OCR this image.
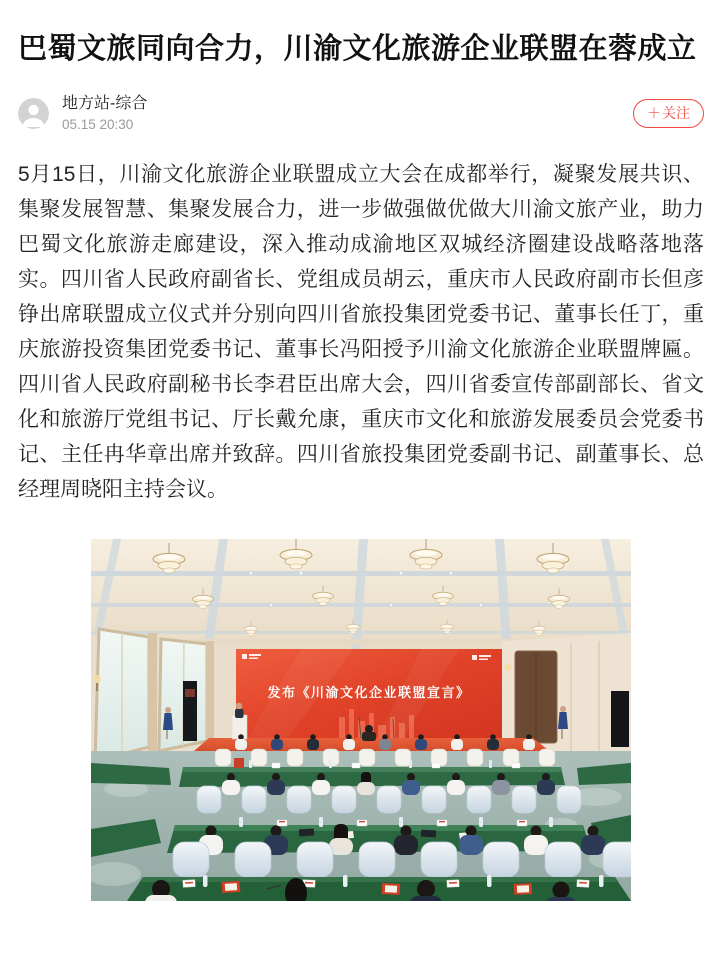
巴蜀文旅同向合力，川渝文化旅游企业联盟在蓉成立
地方站-综合
05.15 20:30
＋ 关注

5月15日，川渝文化旅游企业联盟成立大会在成都举行，凝聚发展共识、集聚发展智慧、集聚发展合力，进一步做强做优做大川渝文旅产业，助力巴蜀文化旅游走廊建设，深入推动成渝地区双城经济圈建设战略落地落实。四川省人民政府副省长、党组成员胡云，重庆市人民政府副市长但彦铮出席联盟成立仪式并分别向四川省旅投集团党委书记、董事长任丁，重庆旅游投资集团党委书记、董事长冯阳授予川渝文化旅游企业联盟牌匾。四川省人民政府副秘书长李君臣出席大会，四川省委宣传部副部长、省文化和旅游厅党组书记、厅长戴允康，重庆市文化和旅游发展委员会党委书记、主任冉华章出席并致辞。四川省旅投集团党委副书记、副董事长、总经理周晓阳主持会议。

发布《川渝文化企业联盟宣言》
